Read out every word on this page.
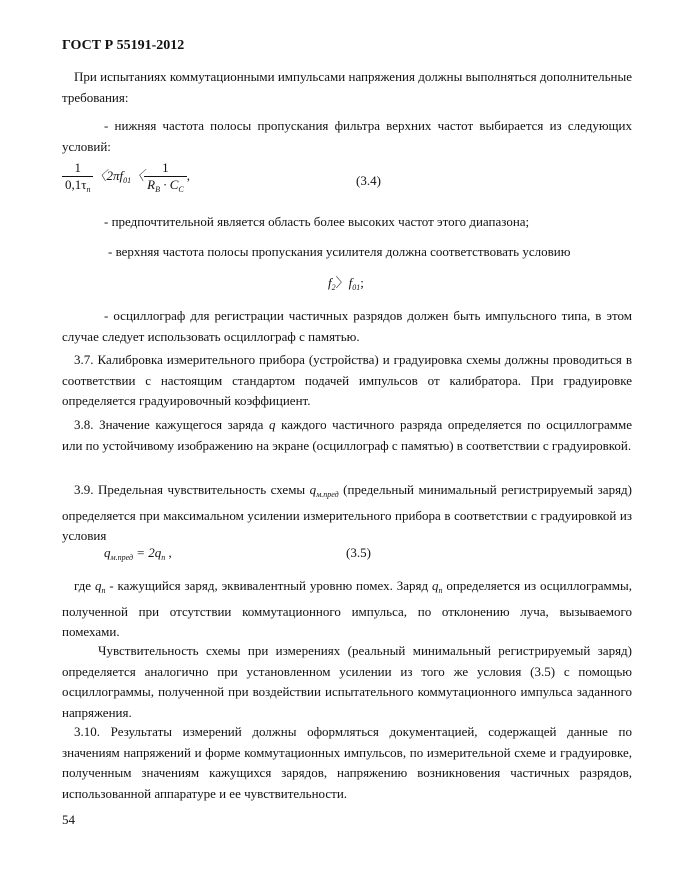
ГОСТ Р 55191-2012

При испытаниях коммутационными импульсами напряжения должны выполняться дополнительные требования:

- нижняя частота полосы пропускания фильтра верхних частот выбирается из следующих условий:

$\frac{1}{0,1\tau_п}$ 〈$2\pi f_{01}$〈 $\frac{1}{R_В \cdot C_С}$ ,	(3.4)

- предпочтительной является область более высоких частот этого диапазона;

- верхняя частота полосы пропускания усилителя должна соответствовать условию

$f_2$〉$f_{01}$;

- осциллограф для регистрации частичных разрядов должен быть импульсного типа, в этом случае следует использовать осциллограф с памятью.

3.7. Калибровка измерительного прибора (устройства) и градуировка схемы должны проводиться в соответствии с настоящим стандартом подачей импульсов от калибратора. При градуировке определяется градуировочный коэффициент.

3.8. Значение кажущегося заряда q каждого частичного разряда определяется по осциллограмме или по устойчивому изображению на экране (осциллограф с памятью) в соответствии с градуировкой.

3.9. Предельная чувствительность схемы $q_{м.пред}$ (предельный минимальный регистрируемый заряд) определяется при максимальном усилении измерительного прибора в соответствии с градуировкой из условия

$q_{м.пред} = 2q_п$ ,	(3.5)

где $q_п$ - кажущийся заряд, эквивалентный уровню помех. Заряд $q_п$ определяется из осциллограммы, полученной при отсутствии коммутационного импульса, по отклонению луча, вызываемого помехами.

Чувствительность схемы при измерениях (реальный минимальный регистрируемый заряд) определяется аналогично при установленном усилении из того же условия (3.5) с помощью осциллограммы, полученной при воздействии испытательного коммутационного импульса заданного напряжения.

3.10. Результаты измерений должны оформляться документацией, содержащей данные по значениям напряжений и форме коммутационных импульсов, по измерительной схеме и градуировке, полученным значениям кажущихся зарядов, напряжению возникновения частичных разрядов, использованной аппаратуре и ее чувствительности.

54
